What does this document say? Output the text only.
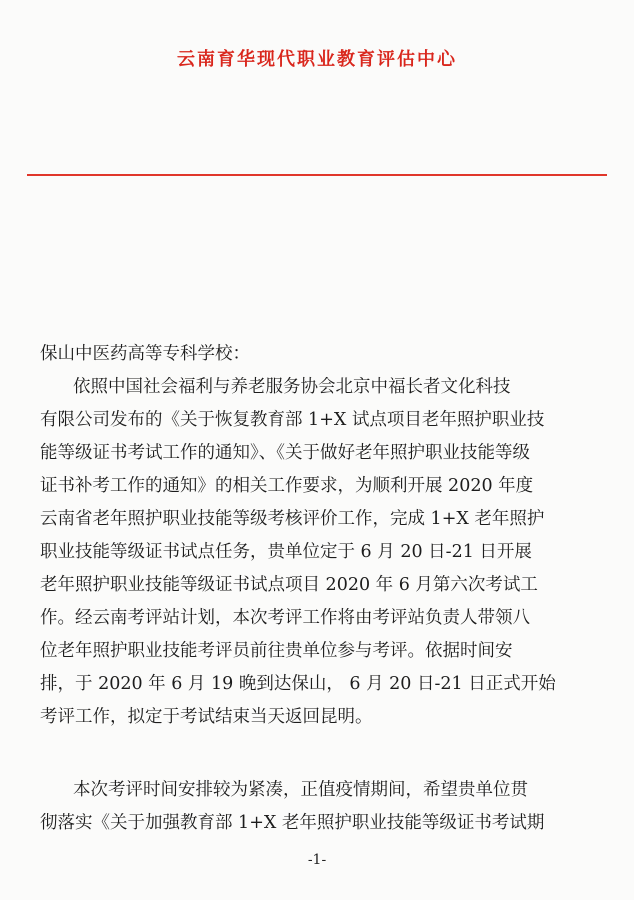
云南育华现代职业教育评估中心
保山中医药高等专科学校：
依照中国社会福利与养老服务协会北京中福长者文化科技
有限公司发布的《关于恢复教育部 1+X 试点项目老年照护职业技
能等级证书考试工作的通知》、《关于做好老年照护职业技能等级
证书补考工作的通知》的相关工作要求，为顺利开展 2020 年度
云南省老年照护职业技能等级考核评价工作，完成 1+X 老年照护
职业技能等级证书试点任务，贵单位定于 6 月 20 日-21 日开展
老年照护职业技能等级证书试点项目 2020 年 6 月第六次考试工
作。经云南考评站计划，本次考评工作将由考评站负责人带领八
位老年照护职业技能考评员前往贵单位参与考评。依据时间安
排，于 2020 年 6 月 19 晚到达保山， 6 月 20 日-21 日正式开始
考评工作，拟定于考试结束当天返回昆明。
本次考评时间安排较为紧凑，正值疫情期间，希望贵单位贯
彻落实《关于加强教育部 1+X 老年照护职业技能等级证书考试期
-1-
